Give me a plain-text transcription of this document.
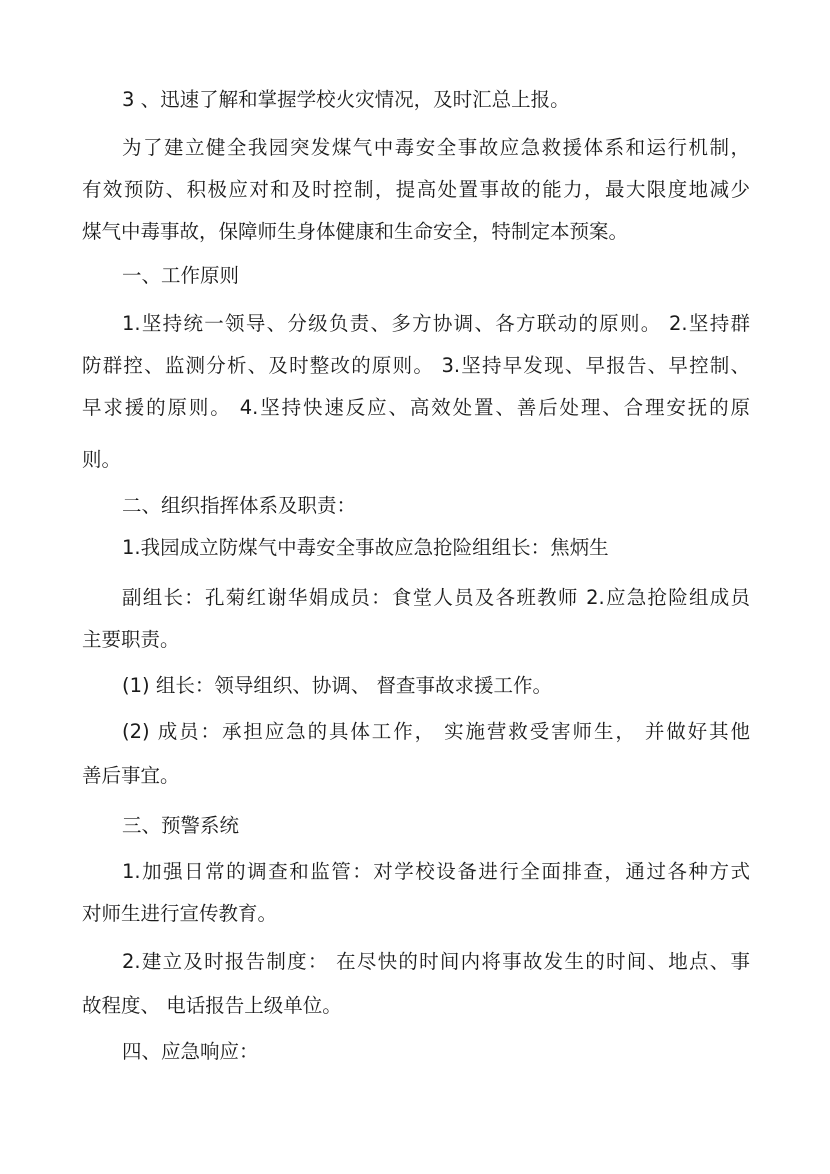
3 、迅速了解和掌握学校火灾情况，及时汇总上报。
为了建立健全我园突发煤气中毒安全事故应急救援体系和运行机制，
有效预防、积极应对和及时控制，提高处置事故的能力，最大限度地减少
煤气中毒事故，保障师生身体健康和生命安全，特制定本预案。
一、工作原则
1.坚持统一领导、分级负责、多方协调、各方联动的原则。 2.坚持群
防群控、监测分析、及时整改的原则。 3.坚持早发现、早报告、早控制、
早求援的原则。 4.坚持快速反应、高效处置、善后处理、合理安抚的原
则。
二、组织指挥体系及职责：
1.我园成立防煤气中毒安全事故应急抢险组组长：焦炳生
副组长：孔菊红谢华娟成员：食堂人员及各班教师 2.应急抢险组成员
主要职责。
(1) 组长：领导组织、协调、 督查事故求援工作。
(2) 成员：承担应急的具体工作， 实施营救受害师生， 并做好其他
善后事宜。
三、预警系统
1.加强日常的调查和监管：对学校设备进行全面排查，通过各种方式
对师生进行宣传教育。
2.建立及时报告制度： 在尽快的时间内将事故发生的时间、地点、事
故程度、 电话报告上级单位。
四、应急响应：
